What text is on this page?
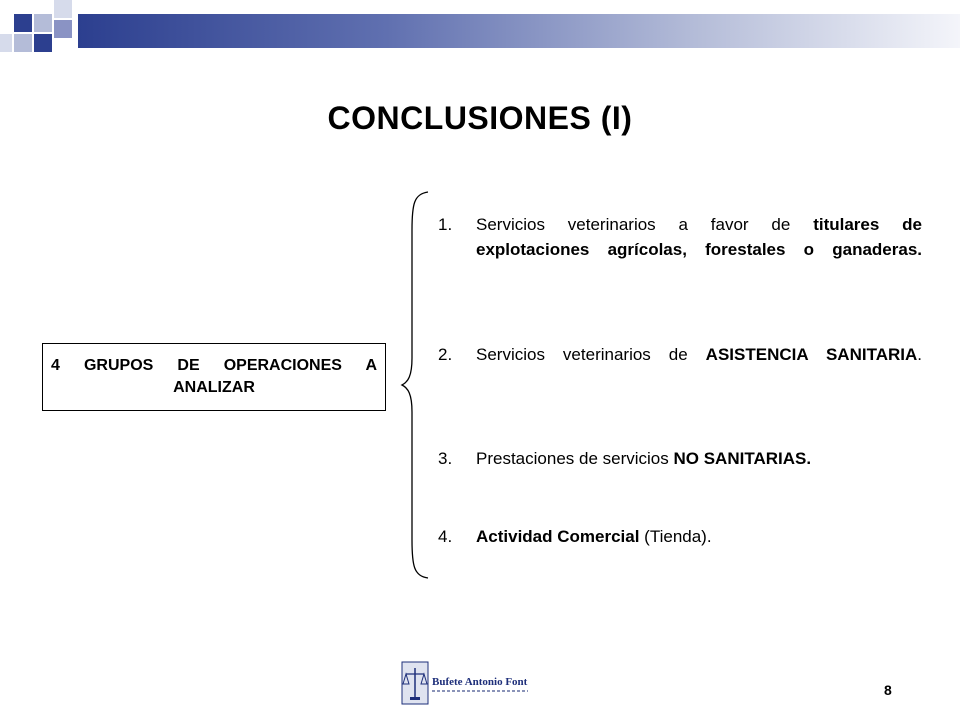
CONCLUSIONES (I)
4 GRUPOS DE OPERACIONES A ANALIZAR
1. Servicios veterinarios a favor de titulares de explotaciones agrícolas, forestales o ganaderas.
2. Servicios veterinarios de ASISTENCIA SANITARIA.
3. Prestaciones de servicios NO SANITARIAS.
4. Actividad Comercial (Tienda).
Bufete Antonio Font	8
